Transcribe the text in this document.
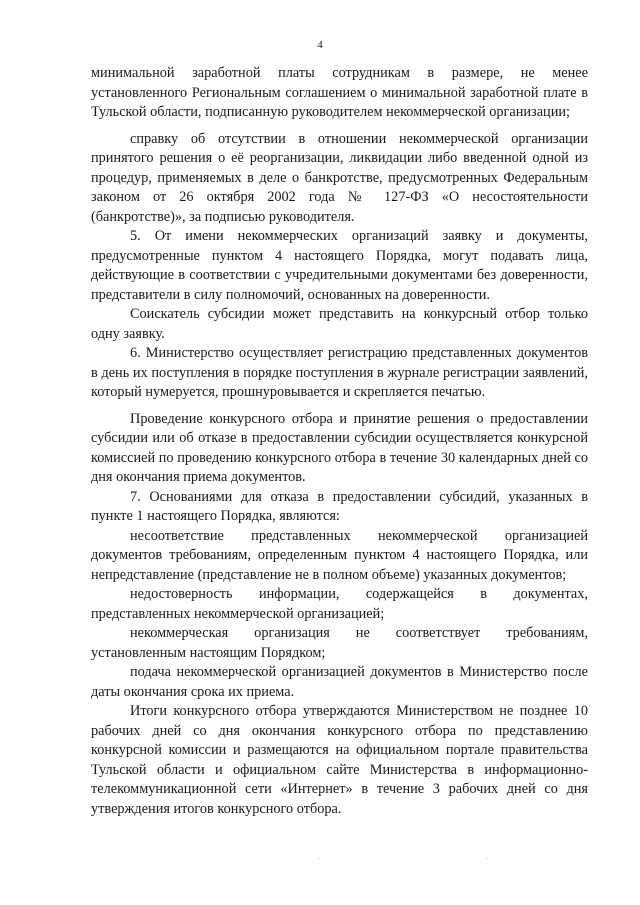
4

минимальной заработной платы сотрудникам в размере, не менее установленного Региональным соглашением о минимальной заработной плате в Тульской области, подписанную руководителем некоммерческой организации;

справку об отсутствии в отношении некоммерческой организации принятого решения о её реорганизации, ликвидации либо введенной одной из процедур, применяемых в деле о банкротстве, предусмотренных Федеральным законом от 26 октября 2002 года № 127-ФЗ «О несостоятельности (банкротстве)», за подписью руководителя.

5. От имени некоммерческих организаций заявку и документы, предусмотренные пунктом 4 настоящего Порядка, могут подавать лица, действующие в соответствии с учредительными документами без доверенности, представители в силу полномочий, основанных на доверенности.

Соискатель субсидии может представить на конкурсный отбор только одну заявку.

6. Министерство осуществляет регистрацию представленных документов в день их поступления в порядке поступления в журнале регистрации заявлений, который нумеруется, прошнуровывается и скрепляется печатью.

Проведение конкурсного отбора и принятие решения о предоставлении субсидии или об отказе в предоставлении субсидии осуществляется конкурсной комиссией по проведению конкурсного отбора в течение 30 календарных дней со дня окончания приема документов.

7. Основаниями для отказа в предоставлении субсидий, указанных в пункте 1 настоящего Порядка, являются:

несоответствие представленных некоммерческой организацией документов требованиям, определенным пунктом 4 настоящего Порядка, или непредставление (представление не в полном объеме) указанных документов;

недостоверность информации, содержащейся в документах, представленных некоммерческой организацией;

некоммерческая организация не соответствует требованиям, установленным настоящим Порядком;

подача некоммерческой организацией документов в Министерство после даты окончания срока их приема.

Итоги конкурсного отбора утверждаются Министерством не позднее 10 рабочих дней со дня окончания конкурсного отбора по представлению конкурсной комиссии и размещаются на официальном портале правительства Тульской области и официальном сайте Министерства в информационно-телекоммуникационной сети «Интернет» в течение 3 рабочих дней со дня утверждения итогов конкурсного отбора.
